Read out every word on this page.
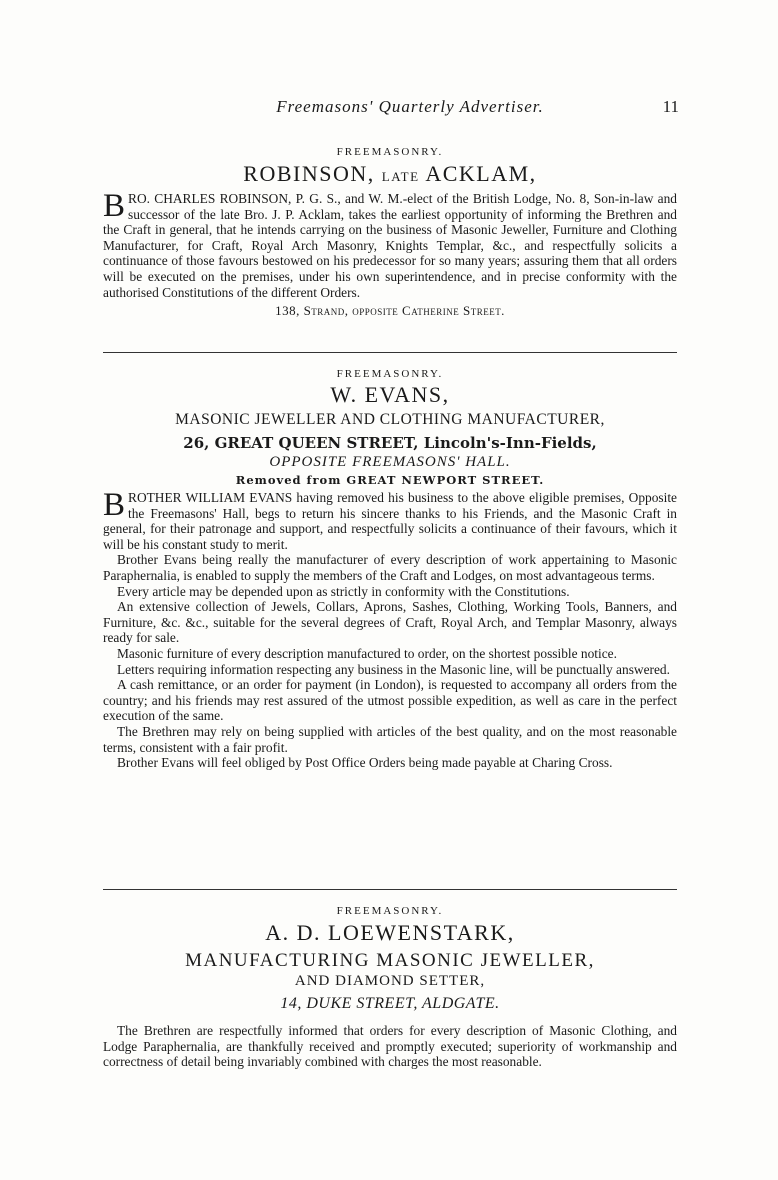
Freemasons' Quarterly Advertiser.	11
FREEMASONRY.
ROBINSON, late ACKLAM,
B RO. CHARLES ROBINSON, P. G. S., and W. M.-elect of the British Lodge, No. 8, Son-in-law and successor of the late Bro. J. P. Acklam, takes the earliest opportunity of informing the Brethren and the Craft in general, that he intends carrying on the business of Masonic Jeweller, Furniture and Clothing Manufacturer, for Craft, Royal Arch Masonry, Knights Templar, &c., and respectfully solicits a continuance of those favours bestowed on his predecessor for so many years; assuring them that all orders will be executed on the premises, under his own superintendence, and in precise conformity with the authorised Constitutions of the different Orders.

138, Strand, opposite Catherine Street.
FREEMASONRY.
W. EVANS,
MASONIC JEWELLER AND CLOTHING MANUFACTURER,
26, GREAT QUEEN STREET, Lincoln's-Inn-Fields,
OPPOSITE FREEMASONS' HALL.
Removed from GREAT NEWPORT STREET.
B ROTHER WILLIAM EVANS having removed his business to the above eligible premises, Opposite the Freemasons' Hall, begs to return his sincere thanks to his Friends, and the Masonic Craft in general, for their patronage and support, and respectfully solicits a continuance of their favours, which it will be his constant study to merit.

Brother Evans being really the manufacturer of every description of work appertaining to Masonic Paraphernalia, is enabled to supply the members of the Craft and Lodges, on most advantageous terms.

Every article may be depended upon as strictly in conformity with the Constitutions.

An extensive collection of Jewels, Collars, Aprons, Sashes, Clothing, Working Tools, Banners, and Furniture, &c. &c., suitable for the several degrees of Craft, Royal Arch, and Templar Masonry, always ready for sale.

Masonic furniture of every description manufactured to order, on the shortest possible notice.

Letters requiring information respecting any business in the Masonic line, will be punctually answered.

A cash remittance, or an order for payment (in London), is requested to accompany all orders from the country; and his friends may rest assured of the utmost possible expedition, as well as care in the perfect execution of the same.

The Brethren may rely on being supplied with articles of the best quality, and on the most reasonable terms, consistent with a fair profit.

Brother Evans will feel obliged by Post Office Orders being made payable at Charing Cross.

FREEMASONRY.
A. D. LOEWENSTARK,
MANUFACTURING MASONIC JEWELLER,
AND DIAMOND SETTER,
14, DUKE STREET, ALDGATE.

The Brethren are respectfully informed that orders for every description of Masonic Clothing, and Lodge Paraphernalia, are thankfully received and promptly executed; superiority of workmanship and correctness of detail being invariably combined with charges the most reasonable.
